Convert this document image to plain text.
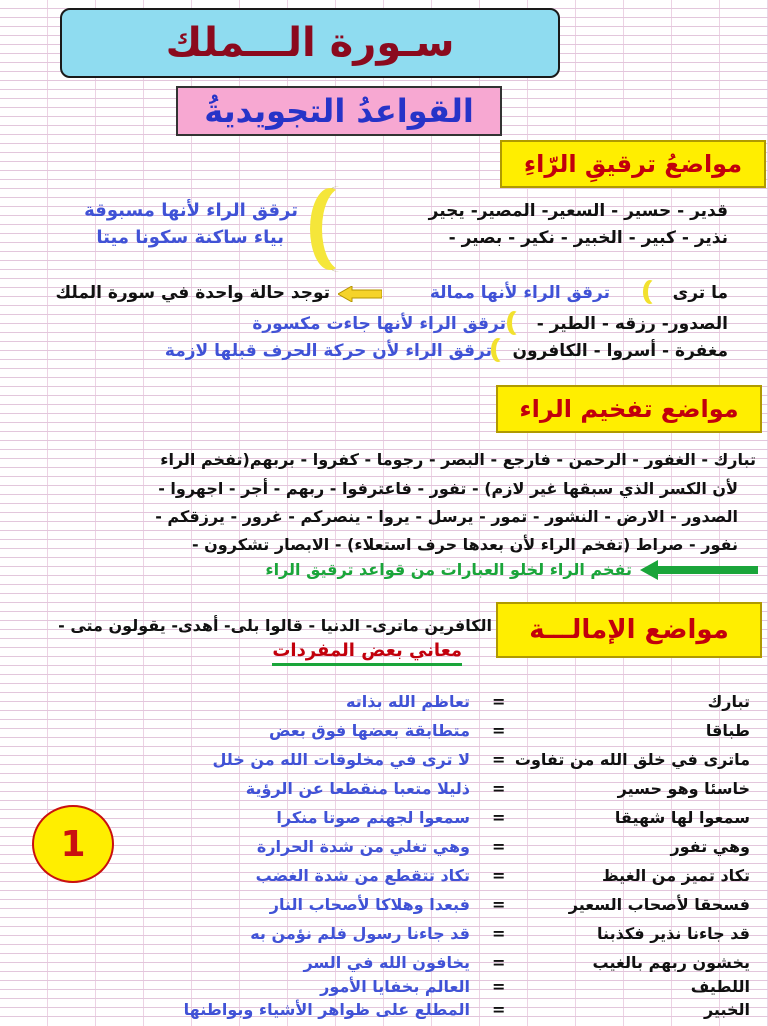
سـورة الـــملك
القواعدُ التجويديةُ
مواضعُ ترقيقِ الرّاءِ
قدير - حسير - السعير- المصير- يجير
نذير - كبير - الخبير - نكير - بصير -
ترقق الراء لأنها مسبوقة
بياء ساكنة سكونا ميتا
ما ترى
ترقق الراء لأنها ممالة
توجد حالة واحدة في سورة الملك
الصدور- رزقه - الطير -
ترقق الراء لأنها جاءت مكسورة
مغفرة - أسروا - الكافرون
ترقق الراء لأن حركة الحرف قبلها لازمة
مواضع تفخيم الراء
تبارك - الغفور - الرحمن - فارجع - البصر - رجوما - كفروا - بربهم(تفخم الراء
لأن الكسر الذي سبقها غير لازم) - تفور - فاعترفوا - ربهم - أجر - اجهروا -
الصدور - الارض - النشور - تمور - يرسل - يروا - ينصركم - غرور - يرزقكم -
نفور - صراط (تفخم الراء لأن بعدها حرف استعلاء) - الابصار تشكرون -
تفخم الراء لخلو العبارات من قواعد ترقيق الراء
مواضع الإمالـــة
الكافرين ماترى- الدنيا - قالوا بلى- أهدى- يقولون متى -
معاني بعض المفردات
تبارك
=
تعاظم الله بذاته
طباقا
=
متطابقة بعضها فوق بعض
ماترى في خلق الله من تفاوت
=
لا ترى في مخلوقات الله من خلل
خاسئا وهو حسير
=
ذليلا متعبا منقطعا عن الرؤية
سمعوا لها شهيقا
=
سمعوا لجهنم صوتا منكرا
وهي تفور
=
وهي تغلي من شدة الحرارة
تكاد تميز من الغيظ
=
تكاد تتقطع من شدة الغضب
فسحقا لأصحاب السعير
=
فبعدا وهلاكا لأصحاب النار
قد جاءنا نذير فكذبنا
=
قد جاءنا رسول فلم نؤمن به
يخشون ربهم بالغيب
=
يخافون الله في السر
اللطيف
=
العالم بخفايا الأمور
الخبير
=
المطلع على ظواهر الأشياء وبواطنها
1
